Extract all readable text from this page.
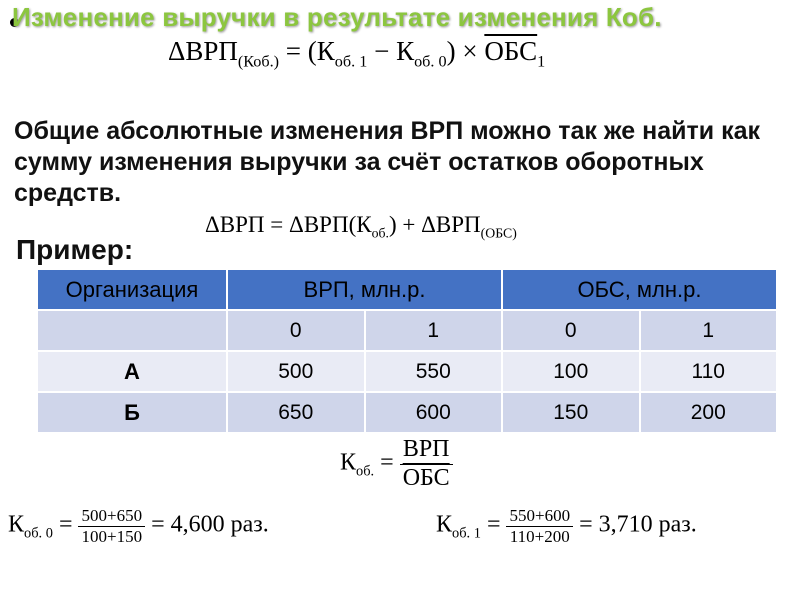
Изменение выручки в результате изменения Коб.
$\Delta ВРП_{(Коб.)} = (К_{об. 1} - К_{об. 0}) \times ОБС_1$
Общие абсолютные изменения ВРП можно так же найти как сумму изменения выручки за счёт остатков оборотных средств.
$\Delta ВРП = \Delta ВРП(К_{об.}) + \Delta ВРП_{(ОБС)}$
Пример:
Организация	ВРП, млн.р.		ОБС, млн.р.	
	0	1	0	1
А	500	550	100	110
Б	650	600	150	200
$К_{об.} = \frac{\text{ВРП}}{\text{ОБС}}$
$К_{об. 0} = \frac{500+650}{100+150} = 4,600$ раз.	$К_{об. 1} = \frac{550+600}{110+200} = 3,710$ раз.
